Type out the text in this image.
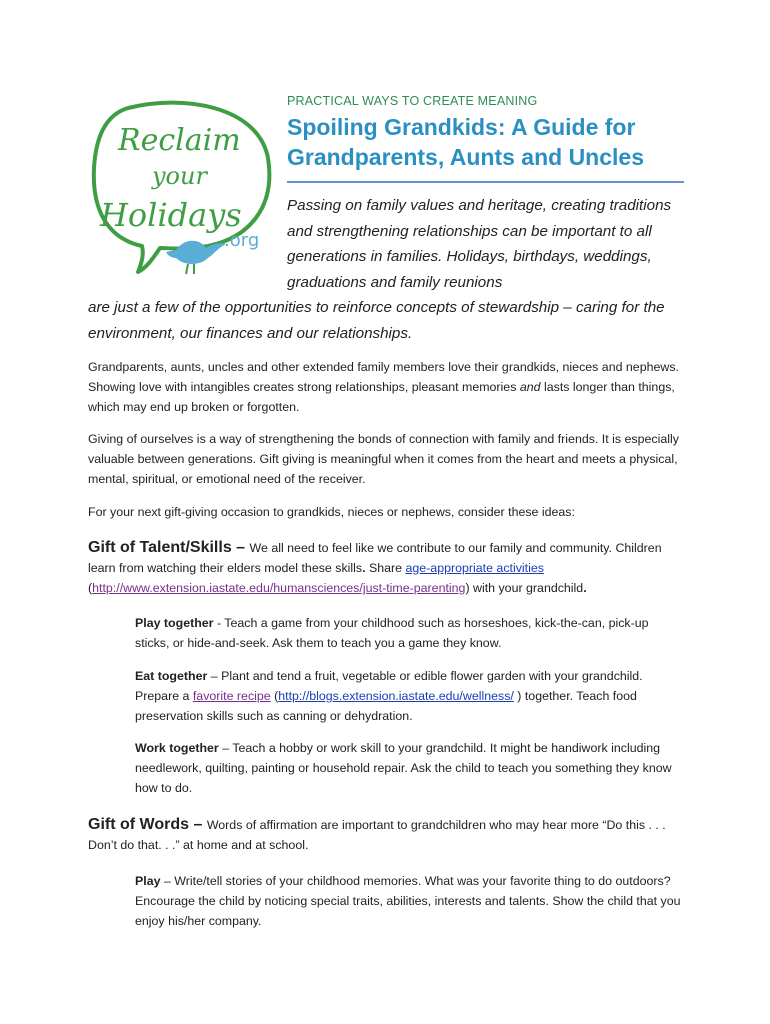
Reclaim
your
Holidays
.org
PRACTICAL WAYS TO CREATE MEANING
Spoiling Grandkids: A Guide for
Grandparents, Aunts and Uncles

Passing on family values and heritage, creating traditions and strengthening relationships can be important to all generations in families. Holidays, birthdays, weddings, graduations and family reunions

are just a few of the opportunities to reinforce concepts of stewardship – caring for the environment, our finances and our relationships.

Grandparents, aunts, uncles and other extended family members love their grandkids, nieces and nephews. Showing love with intangibles creates strong relationships, pleasant memories and lasts longer than things, which may end up broken or forgotten.

Giving of ourselves is a way of strengthening the bonds of connection with family and friends. It is especially valuable between generations. Gift giving is meaningful when it comes from the heart and meets a physical, mental, spiritual, or emotional need of the receiver.

For your next gift-giving occasion to grandkids, nieces or nephews, consider these ideas:

Gift of Talent/Skills – We all need to feel like we contribute to our family and community. Children learn from watching their elders model these skills. Share age-appropriate activities
(http://www.extension.iastate.edu/humansciences/just-time-parenting) with your grandchild.

Play together - Teach a game from your childhood such as horseshoes, kick-the-can, pick-up sticks, or hide-and-seek. Ask them to teach you a game they know.

Eat together – Plant and tend a fruit, vegetable or edible flower garden with your grandchild. Prepare a favorite recipe (http://blogs.extension.iastate.edu/wellness/ ) together. Teach food preservation skills such as canning or dehydration.

Work together – Teach a hobby or work skill to your grandchild. It might be handiwork including needlework, quilting, painting or household repair. Ask the child to teach you something they know how to do.

Gift of Words – Words of affirmation are important to grandchildren who may hear more “Do this . . . Don’t do that. . .” at home and at school.

Play – Write/tell stories of your childhood memories. What was your favorite thing to do outdoors? Encourage the child by noticing special traits, abilities, interests and talents. Show the child that you enjoy his/her company.
